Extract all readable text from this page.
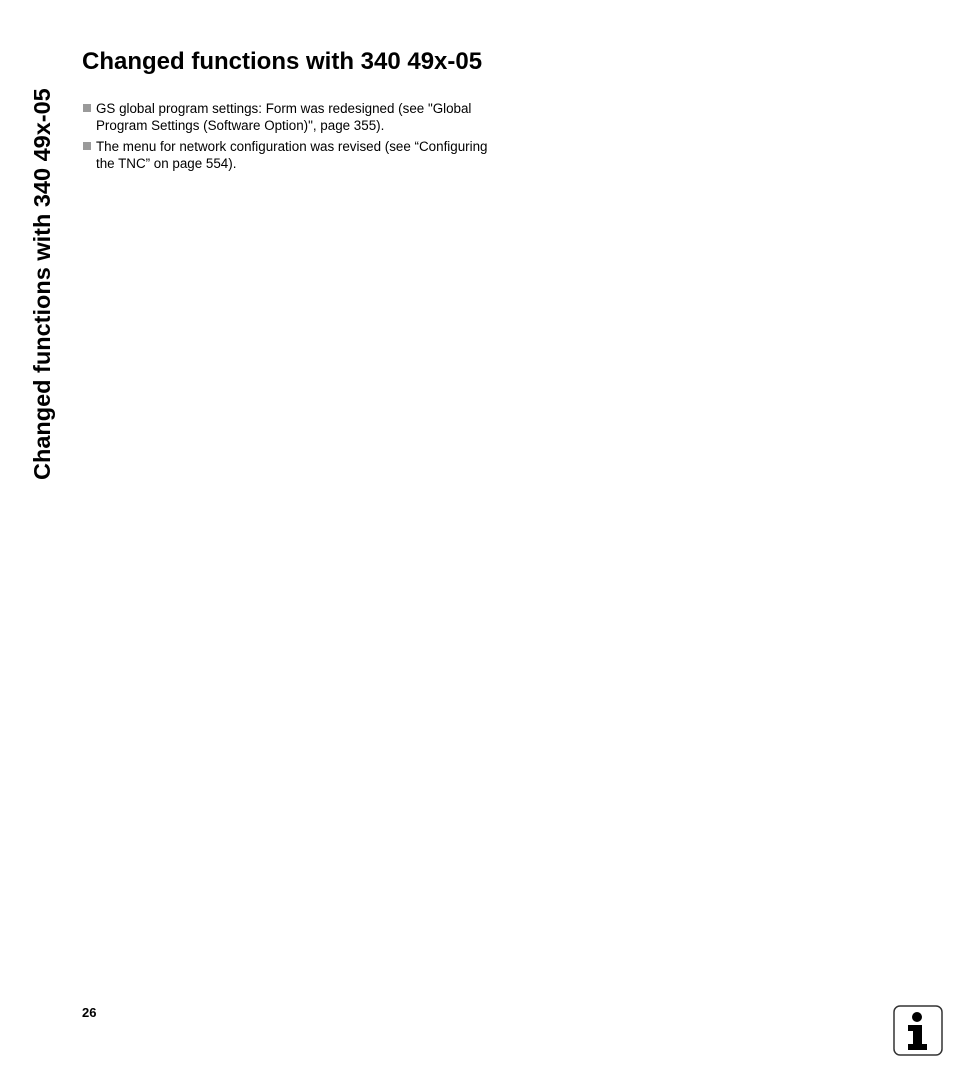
Changed functions with 340 49x-05
Changed functions with 340 49x-05
GS global program settings: Form was redesigned (see "Global
Program Settings (Software Option)", page 355).
The menu for network configuration was revised (see “Configuring
the TNC” on page 554).
26
